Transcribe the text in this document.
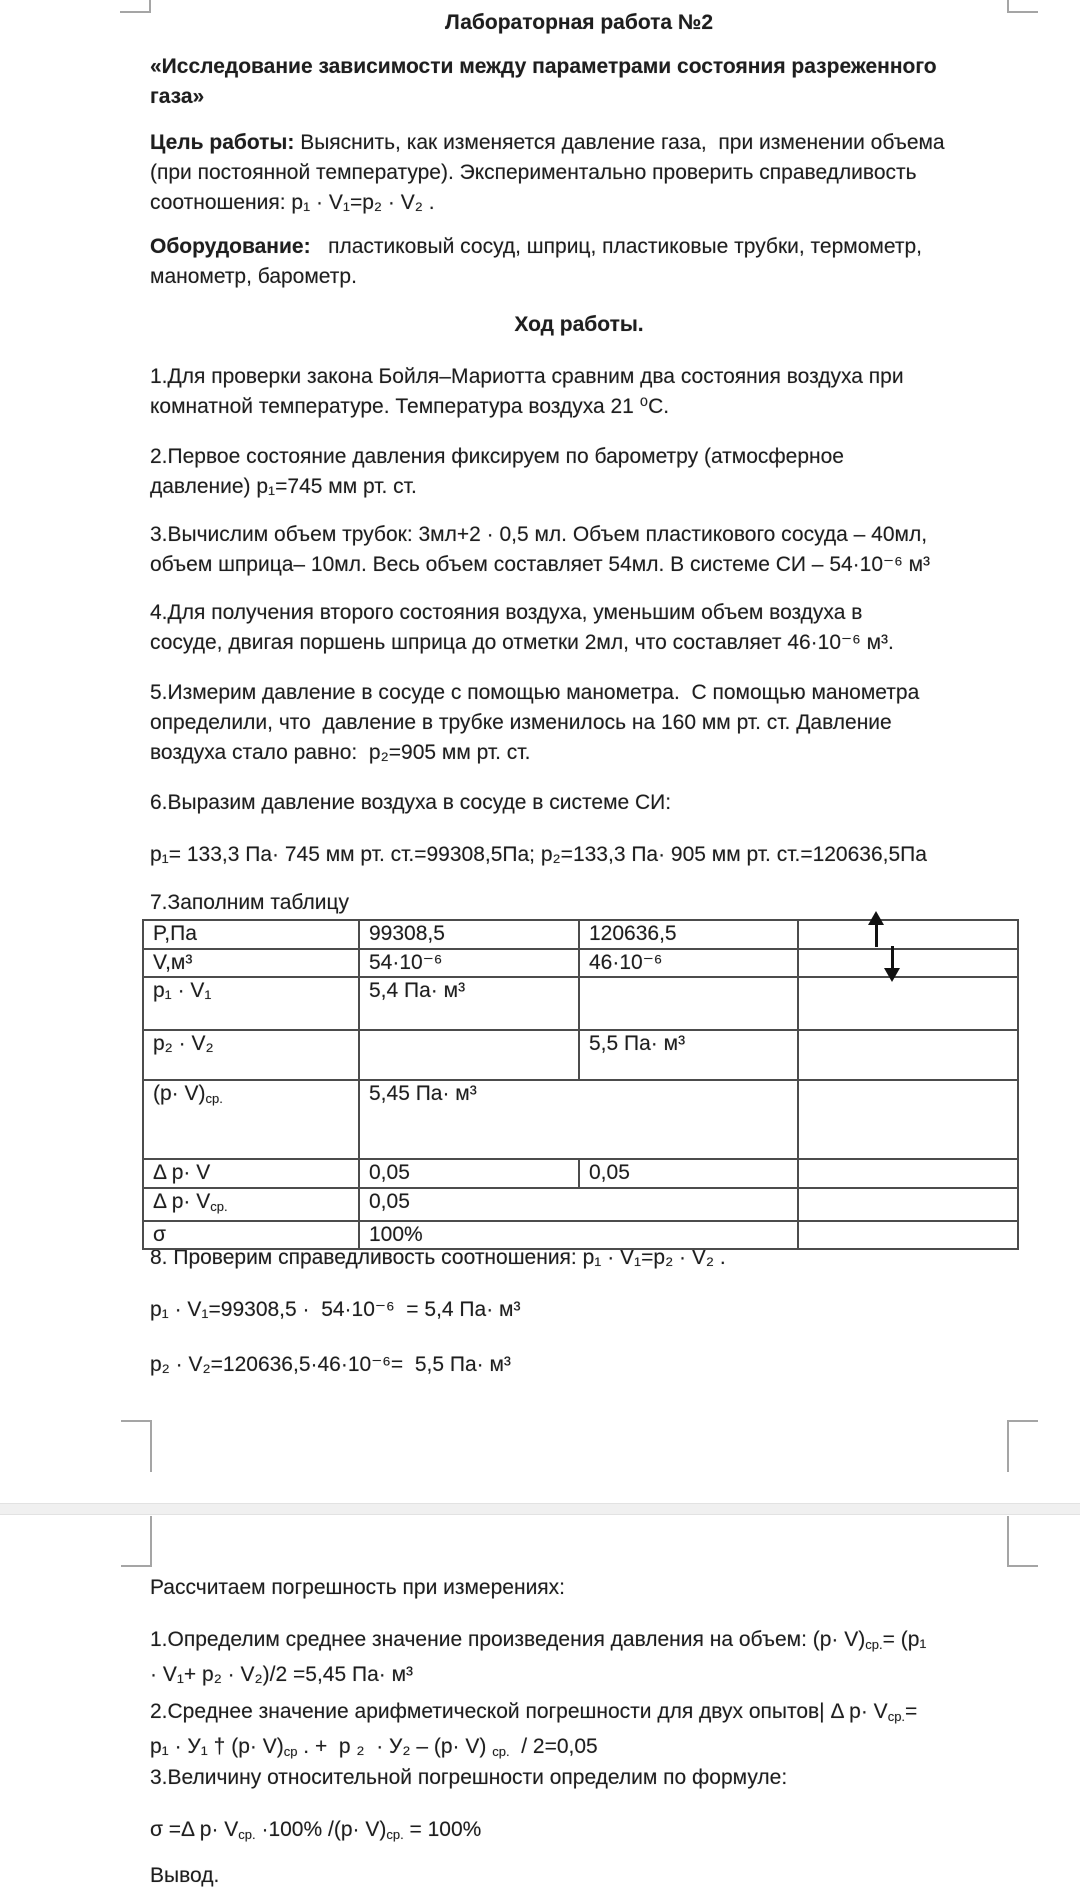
Лабораторная работа №2
«Исследование зависимости между параметрами состояния разреженного
газа»
Цель работы: Выяснить, как изменяется давление газа,  при изменении объема
(при постоянной температуре). Экспериментально проверить справедливость
соотношения: p₁ · V₁=p₂ · V₂ .
Оборудование:   пластиковый сосуд, шприц, пластиковые трубки, термометр,
манометр, барометр.
Ход работы.
1.Для проверки закона Бойля–Мариотта сравним два состояния воздуха при
комнатной температуре. Температура воздуха 21 ⁰С.
2.Первое состояние давления фиксируем по барометру (атмосферное
давление) p₁=745 мм рт. ст.
3.Вычислим объем трубок: 3мл+2 · 0,5 мл. Объем пластикового сосуда – 40мл,
объем шприца– 10мл. Весь объем составляет 54мл. В системе СИ – 54·10⁻⁶ м³
4.Для получения второго состояния воздуха, уменьшим объем воздуха в
сосуде, двигая поршень шприца до отметки 2мл, что составляет 46·10⁻⁶ м³.
5.Измерим давление в сосуде с помощью манометра.  С помощью манометра
определили, что  давление в трубке изменилось на 160 мм рт. ст. Давление
воздуха стало равно:  p₂=905 мм рт. ст.
6.Выразим давление воздуха в сосуде в системе СИ:
p₁= 133,3 Па· 745 мм рт. ст.=99308,5Па; p₂=133,3 Па· 905 мм рт. ст.=120636,5Па
7.Заполним таблицу
8. Проверим справедливость соотношения: p₁ · V₁=p₂ · V₂ .
p₁ · V₁=99308,5 ·  54·10⁻⁶  = 5,4 Па· м³
p₂ · V₂=120636,5·46·10⁻⁶=  5,5 Па· м³
P,Па	99308,5	120636,5	
V,м³	54·10⁻⁶	46·10⁻⁶	
p₁ · V₁	5,4 Па· м³		
p₂ · V₂		5,5 Па· м³	
$(p\cdot V)_{ср.}$	5,45 Па· м³		
Δ p· V	0,05	0,05	
Δ $p\cdot V_{ср.}$	0,05		
σ	100%		
Рассчитаем погрешность при измерениях:
1.Определим среднее значение произведения давления на объем: $(p\cdot V)_{ср.}= (p_1$
· V₁+ p₂ · V₂)/2 =5,45 Па· м³
2.Среднее значение арифметической погрешности для двух опытов| Δ $p\cdot V_{ср.}=$
p₁ · У₁ † $(p\cdot V)_{ср}$ . +  p ₂  · У₂ – (p· V) $_{ср.}$  / 2=0,05
3.Величину относительной погрешности определим по формуле:
σ =Δ $p\cdot V_{ср.} \cdot 100\%$ $/(p\cdot V)_{ср.} = 100\%$
Вывод.
